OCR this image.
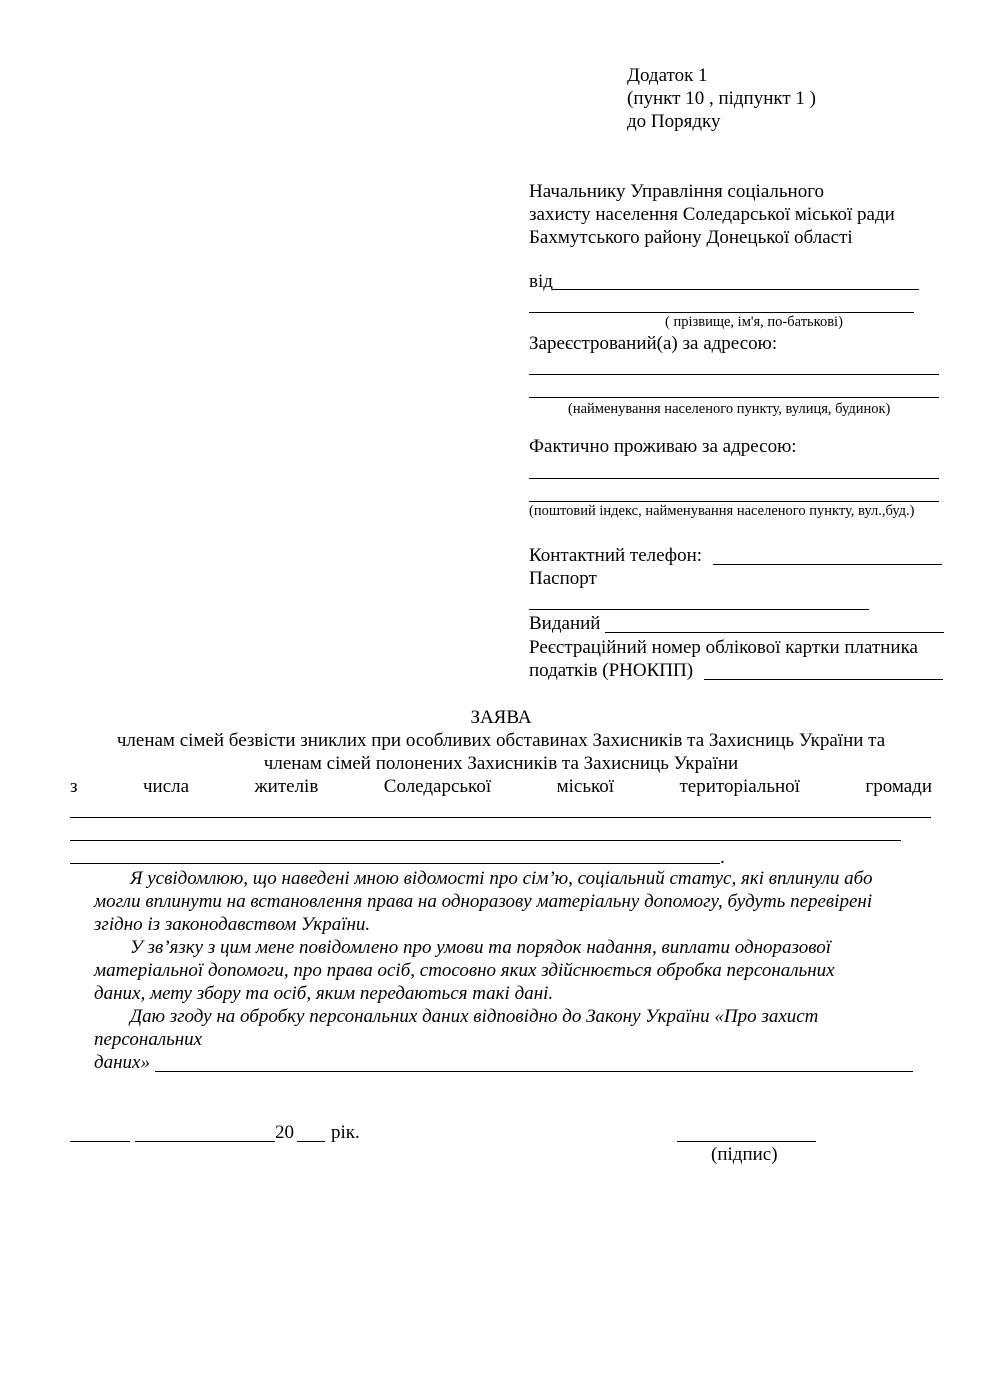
Додаток 1
(пункт 10 , підпункт 1 )
до Порядку
Начальнику Управління соціального
захисту населення Соледарської міської ради
Бахмутського району Донецької області
від
( прізвище, ім'я, по-батькові)
Зареєстрований(а) за адресою:
(найменування населеного пункту, вулиця, будинок)
Фактично проживаю за адресою:
(поштовий індекс, найменування населеного пункту, вул.,буд.)
Контактний телефон:
Паспорт
Виданий
Реєстраційний номер облікової картки платника
податків (РНОКПП)
ЗАЯВА
членам сімей безвісти зниклих при особливих обставинах Захисників та Захисниць України та
членам сімей полонених Захисників та Захисниць України
з	числа	жителів	Соледарської	міської	територіальної	громади
.
Я усвідомлюю, що наведені мною відомості про сім’ю, соціальний статус, які вплинули або
могли вплинути на встановлення права на одноразову матеріальну допомогу, будуть перевірені
згідно із законодавством України.
У зв’язку з цим мене повідомлено про умови та порядок надання, виплати одноразової
матеріальної допомоги, про права осіб, стосовно яких здійснюється обробка персональних
даних, мету збору та осіб, яким передаються такі дані.
Даю згоду на обробку персональних даних відповідно до Закону України «Про захист
персональних
даних»
20 рік.
(підпис)
